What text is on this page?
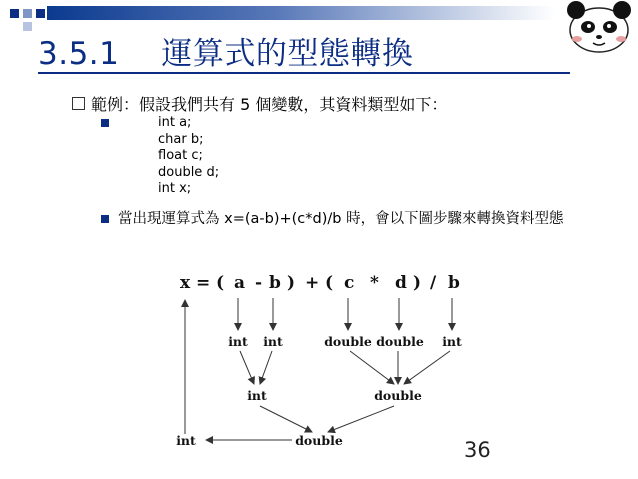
3.5.1 運算式的型態轉換
範例：假設我們共有 5 個變數，其資料類型如下：
int a;
char b;
float c;
double d;
int x;
當出現運算式為 x=(a-b)+(c*d)/b 時，會以下圖步驟來轉換資料型態
x = ( a - b ) + ( c * d ) / b
int int	double double int
int	double
int	double	36
